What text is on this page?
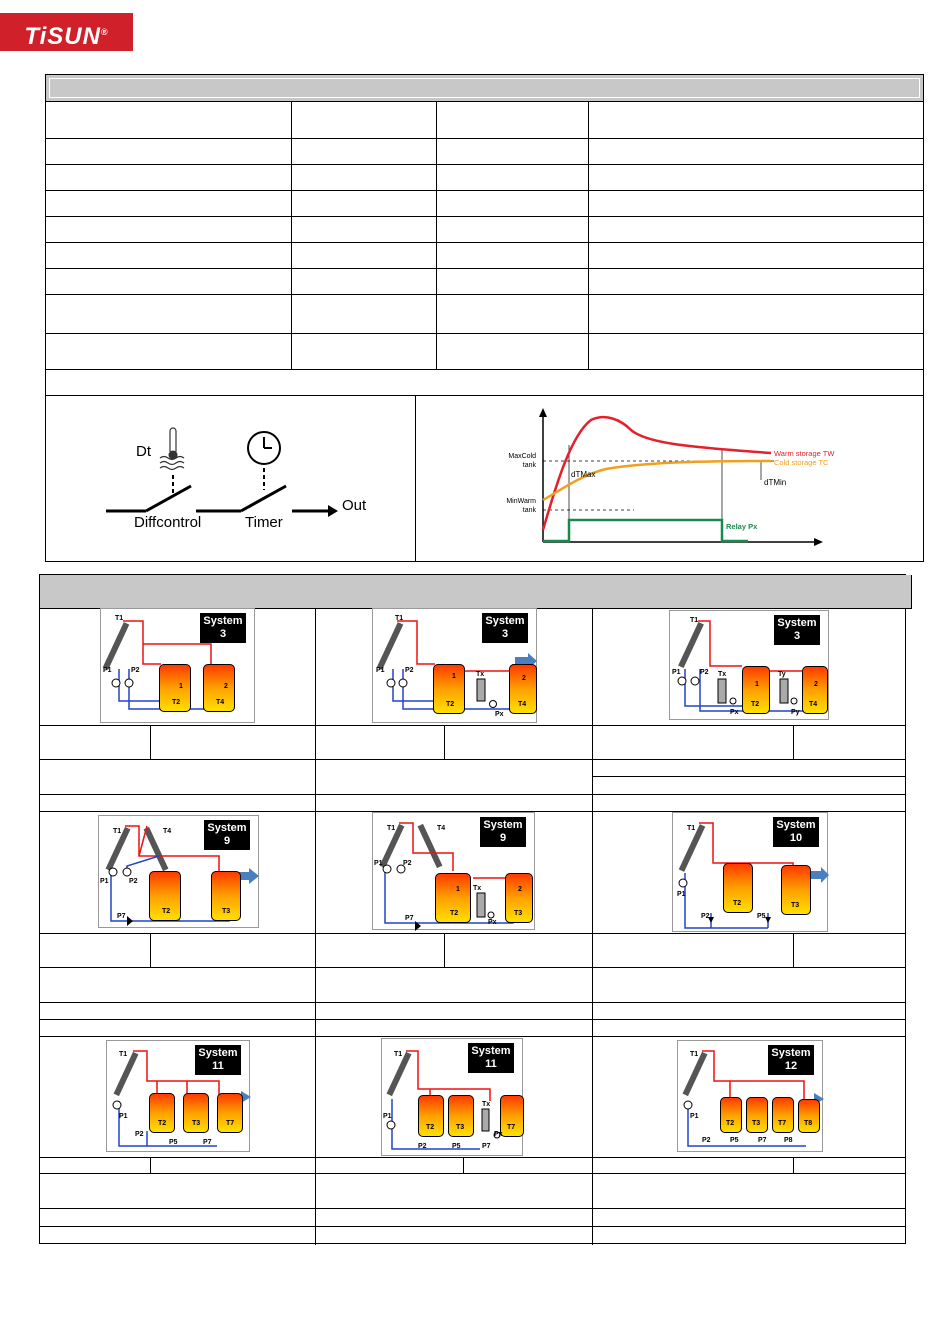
TiSUN®
Dt
Diffcontrol	Timer
Out
MaxCold
tank
MinWarm
tank
dTMax
dTMin
Warm storage TW
Cold storage TC
Relay Px
System
3
1
T2
2
T4
T1
P1	P2
System
3
1
T2
2
T4
T1
P1	P2
Tx
Px
System
3
1
T2
2
T4
T1
P1	P2 Tx	Ty
Px	Py
System
9
T2	T3
T1	T4
P1	P2
P7
System
9
1
T2
2
T3
T1	T4
P1	P2
P7
Tx
Px
System
10
T2	T3
T1
P1
P2	P5
System
11
T2	T3	T7
T1
P1
P2
P5	P7
System
11
T2	T3	T7
T1
P1
P2	P5	P7
Tx
Px
System
12
T2	T3	T7	T8
T1
P1
P2	P5	P7 P8
